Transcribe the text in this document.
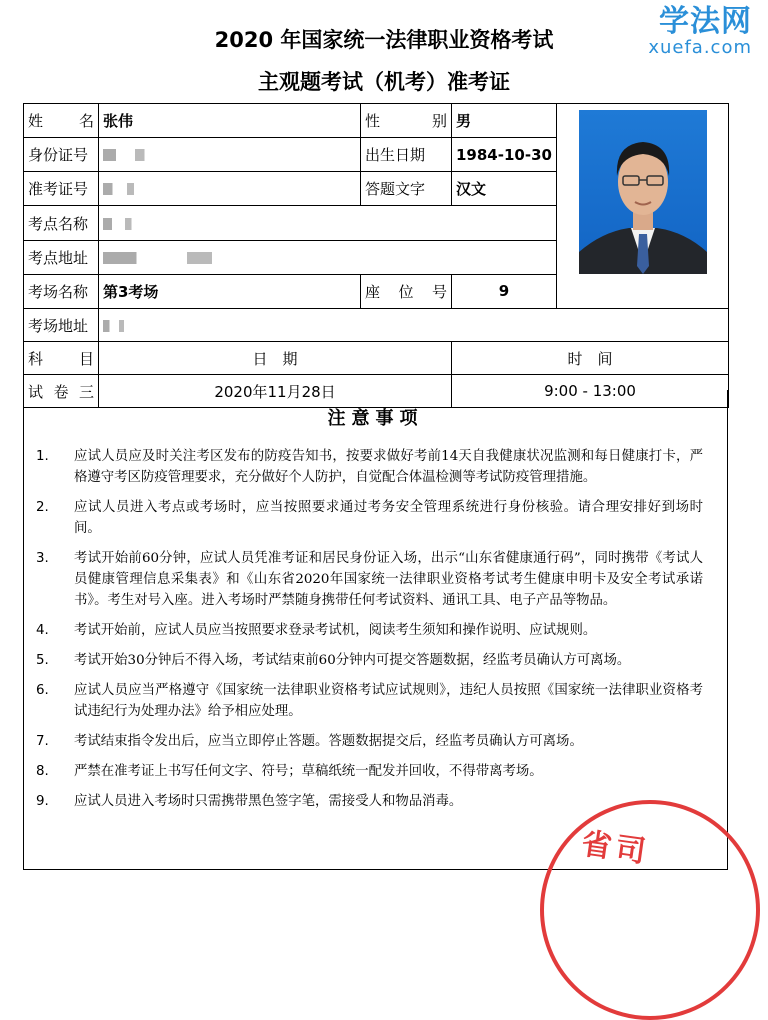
2020 年国家统一法律职业资格考试
主观题考试（机考）准考证
学法网
xuefa.com
姓　名	张伟	性　别	男	
身份证号		出生日期	1984-10-30	
准考证号		答题文字	汉文	
考点名称				
考点地址				
考场名称	第3考场	座 位 号	9	
考场地址				
科　目	日　期		时　间	
试卷三	2020年11月28日		9:00 - 13:00	
注意事项
1.	应试人员应及时关注考区发布的防疫告知书，按要求做好考前14天自我健康状况监测和每日健康打卡，严格遵守考区防疫管理要求，充分做好个人防护，自觉配合体温检测等考试防疫管理措施。
2.	应试人员进入考点或考场时，应当按照要求通过考务安全管理系统进行身份核验。请合理安排好到场时间。
3.	考试开始前60分钟，应试人员凭准考证和居民身份证入场，出示“山东省健康通行码”，同时携带《考试人员健康管理信息采集表》和《山东省2020年国家统一法律职业资格考试考生健康申明卡及安全考试承诺书》。考生对号入座。进入考场时严禁随身携带任何考试资料、通讯工具、电子产品等物品。
4.	考试开始前，应试人员应当按照要求登录考试机，阅读考生须知和操作说明、应试规则。
5.	考试开始30分钟后不得入场，考试结束前60分钟内可提交答题数据，经监考员确认方可离场。
6.	应试人员应当严格遵守《国家统一法律职业资格考试应试规则》，违纪人员按照《国家统一法律职业资格考试违纪行为处理办法》给予相应处理。
7.	考试结束指令发出后，应当立即停止答题。答题数据提交后，经监考员确认方可离场。
8.	严禁在准考证上书写任何文字、符号；草稿纸统一配发并回收，不得带离考场。
9.	应试人员进入考场时只需携带黑色签字笔，需接受人和物品消毒。
省司
